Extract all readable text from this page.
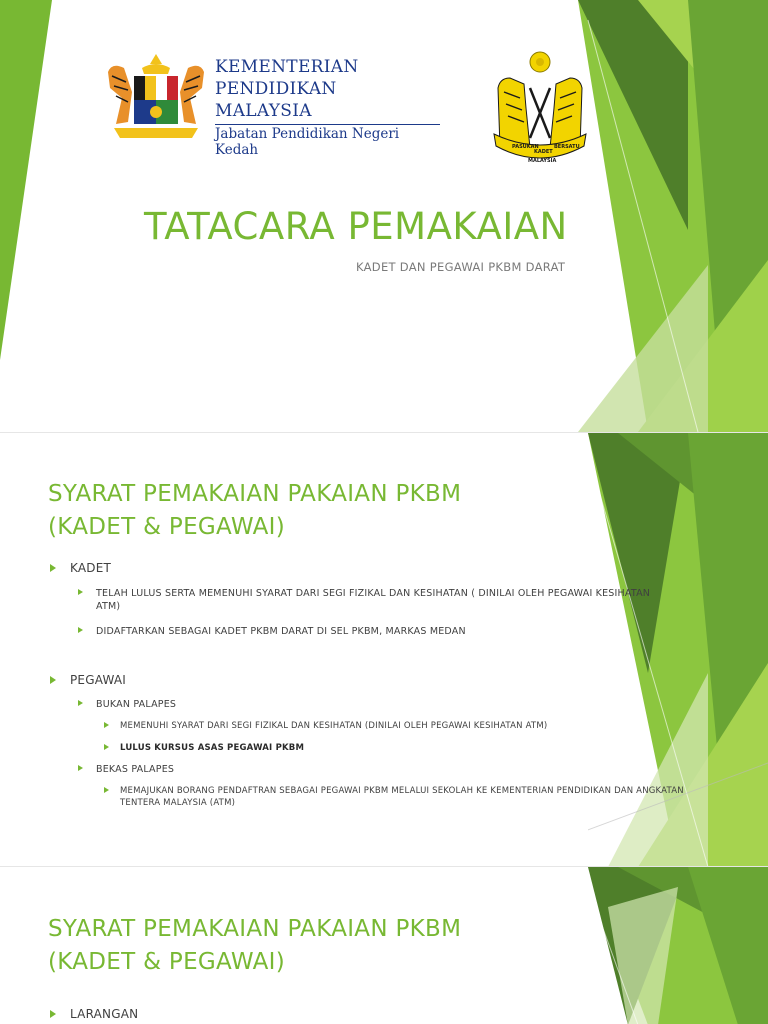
KEMENTERIAN
PENDIDIKAN
MALAYSIA
Jabatan Pendidikan Negeri Kedah	PASUKAN
KADET
BERSATU
MALAYSIA
TATACARA PEMAKAIAN
KADET DAN PEGAWAI PKBM DARAT
SYARAT PEMAKAIAN PAKAIAN PKBM
(KADET & PEGAWAI)
KADET
TELAH LULUS SERTA MEMENUHI SYARAT DARI SEGI FIZIKAL DAN KESIHATAN ( DINILAI OLEH PEGAWAI KESIHATAN ATM)
DIDAFTARKAN SEBAGAI KADET PKBM DARAT DI SEL PKBM, MARKAS MEDAN
PEGAWAI
BUKAN PALAPES
MEMENUHI SYARAT DARI SEGI FIZIKAL DAN KESIHATAN (DINILAI OLEH PEGAWAI KESIHATAN ATM)
LULUS KURSUS ASAS PEGAWAI PKBM
BEKAS PALAPES
MEMAJUKAN BORANG PENDAFTRAN SEBAGAI PEGAWAI PKBM MELALUI SEKOLAH KE KEMENTERIAN PENDIDIKAN DAN ANGKATAN TENTERA MALAYSIA (ATM)
SYARAT PEMAKAIAN PAKAIAN PKBM
(KADET & PEGAWAI)
LARANGAN
